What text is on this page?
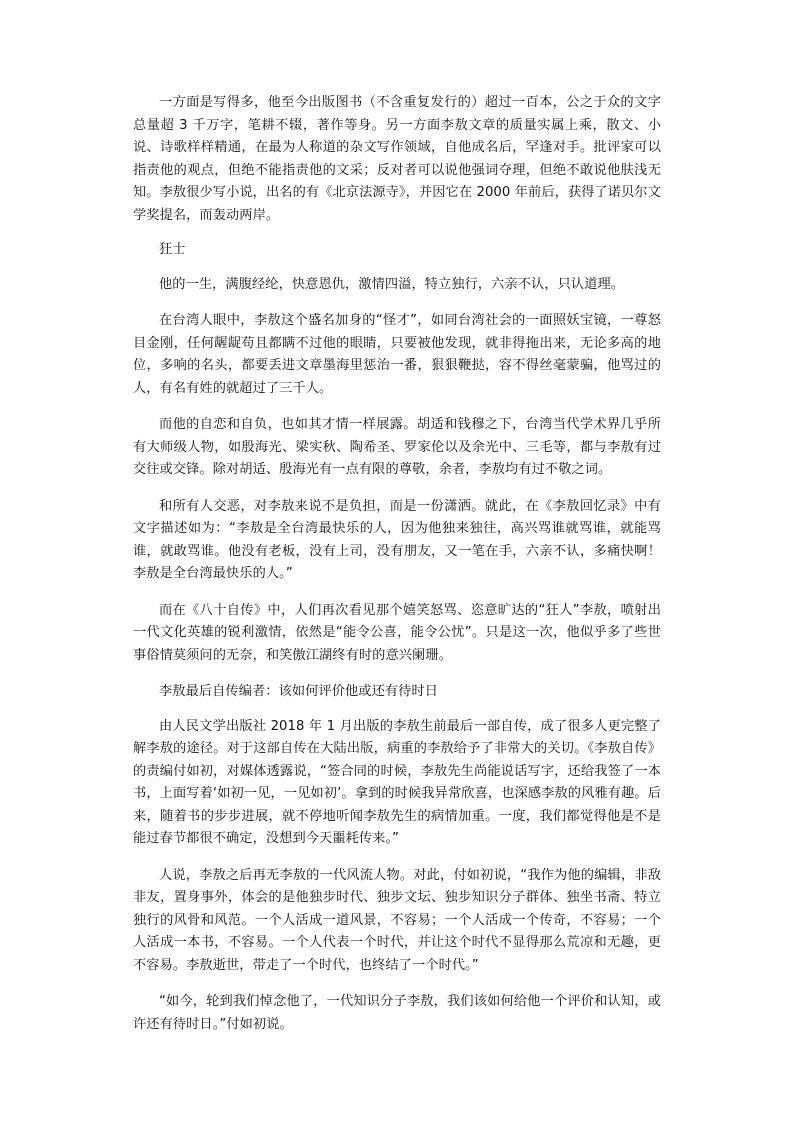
一方面是写得多，他至今出版图书（不含重复发行的）超过一百本，公之于众的文字总量超 3 千万字，笔耕不辍，著作等身。另一方面李敖文章的质量实属上乘，散文、小说、诗歌样样精通，在最为人称道的杂文写作领域，自他成名后，罕逢对手。批评家可以指责他的观点，但绝不能指责他的文采；反对者可以说他强词夺理，但绝不敢说他肤浅无知。李敖很少写小说，出名的有《北京法源寺》，并因它在 2000 年前后，获得了诺贝尔文学奖提名，而轰动两岸。

狂士

他的一生，满腹经纶，快意恩仇，激情四溢，特立独行，六亲不认，只认道理。

在台湾人眼中，李敖这个盛名加身的“怪才”，如同台湾社会的一面照妖宝镜，一尊怒目金刚，任何龌龊苟且都瞒不过他的眼睛，只要被他发现，就非得拖出来，无论多高的地位，多响的名头，都要丢进文章墨海里惩治一番，狠狠鞭挞，容不得丝毫蒙骗，他骂过的人，有名有姓的就超过了三千人。

而他的自恋和自负，也如其才情一样展露。胡适和钱穆之下，台湾当代学术界几乎所有大师级人物，如殷海光、梁实秋、陶希圣、罗家伦以及余光中、三毛等，都与李敖有过交往或交锋。除对胡适、殷海光有一点有限的尊敬，余者，李敖均有过不敬之词。

和所有人交恶，对李敖来说不是负担，而是一份潇洒。就此，在《李敖回忆录》中有文字描述如为：“李敖是全台湾最快乐的人，因为他独来独往，高兴骂谁就骂谁，就能骂谁，就敢骂谁。他没有老板，没有上司，没有朋友，又一笔在手，六亲不认，多痛快啊！李敖是全台湾最快乐的人。”

而在《八十自传》中，人们再次看见那个嬉笑怒骂、恣意旷达的“狂人”李敖，喷射出一代文化英雄的锐利激情，依然是“能令公喜，能令公忧”。只是这一次，他似乎多了些世事俗情莫须问的无奈，和笑傲江湖终有时的意兴阑珊。

李敖最后自传编者：该如何评价他或还有待时日

由人民文学出版社 2018 年 1 月出版的李敖生前最后一部自传，成了很多人更完整了解李敖的途径。对于这部自传在大陆出版，病重的李敖给予了非常大的关切。《李敖自传》的责编付如初，对媒体透露说，“签合同的时候，李敖先生尚能说话写字，还给我签了一本书，上面写着‘如初一见，一见如初’。拿到的时候我异常欣喜，也深感李敖的风雅有趣。后来，随着书的步步进展，就不停地听闻李敖先生的病情加重。一度，我们都觉得他是不是能过春节都很不确定，没想到今天噩耗传来。”

人说，李敖之后再无李敖的一代风流人物。对此，付如初说，“我作为他的编辑，非敌非友，置身事外，体会的是他独步时代、独步文坛、独步知识分子群体、独坐书斋、特立独行的风骨和风范。一个人活成一道风景，不容易；一个人活成一个传奇，不容易；一个人活成一本书，不容易。一个人代表一个时代，并让这个时代不显得那么荒凉和无趣，更不容易。李敖逝世，带走了一个时代，也终结了一个时代。”

“如今，轮到我们悼念他了，一代知识分子李敖，我们该如何给他一个评价和认知，或许还有待时日。”付如初说。
